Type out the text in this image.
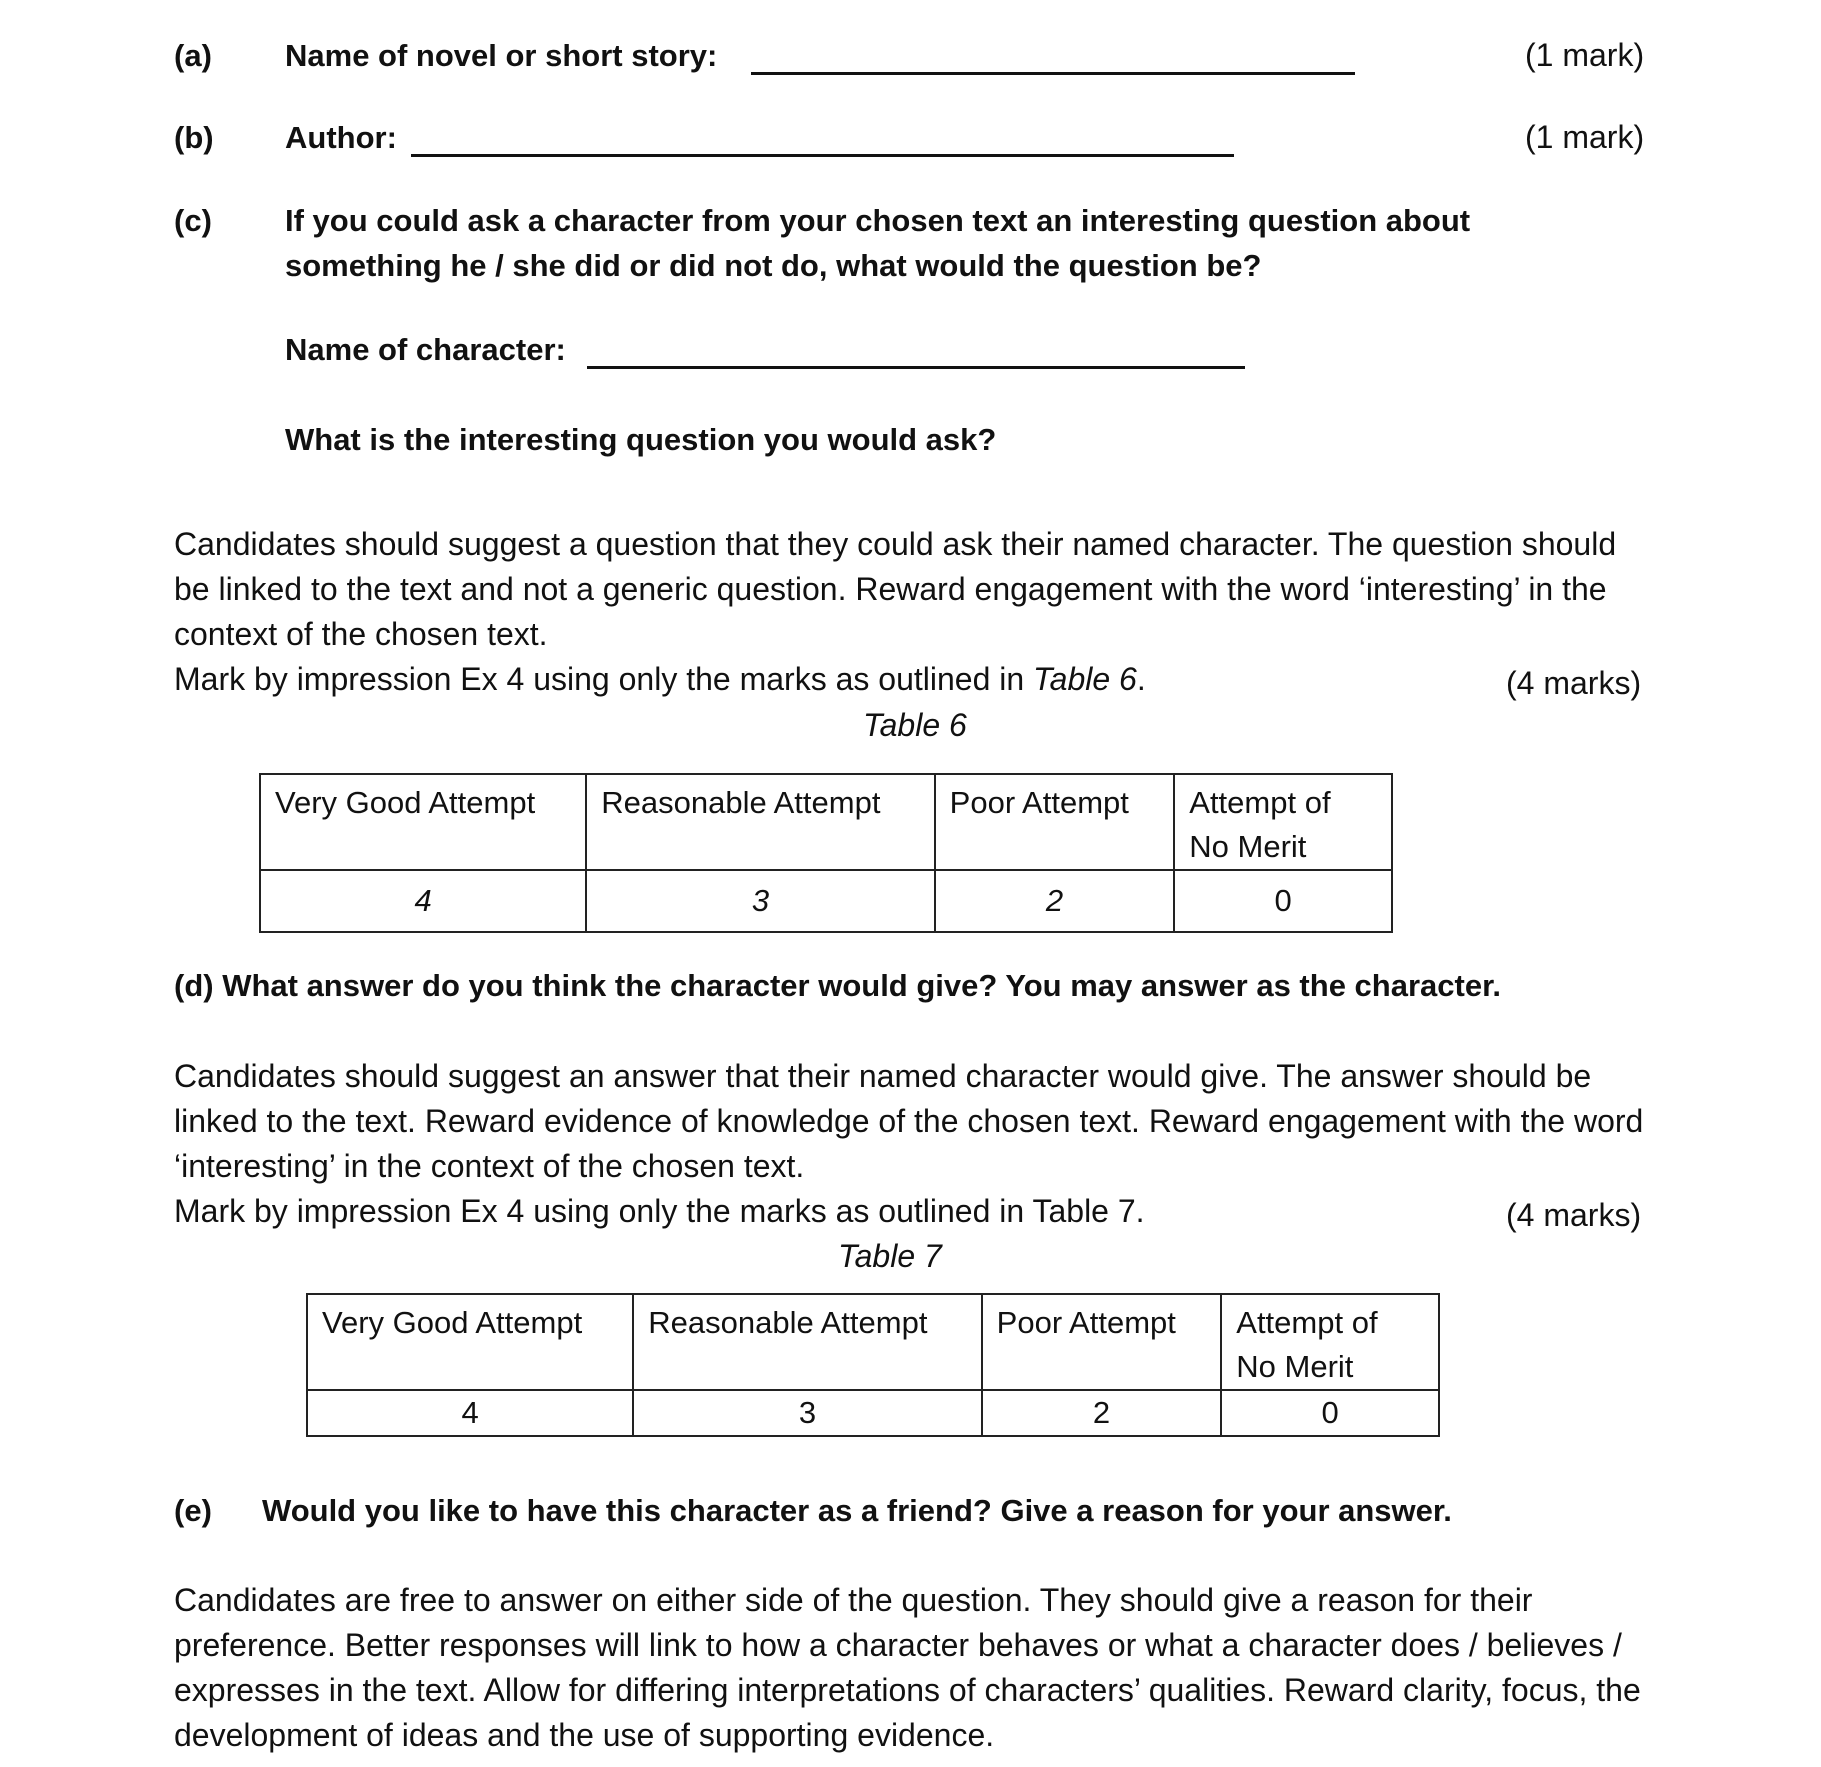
(a) Name of novel or short story:	(1 mark)
(b) Author:	(1 mark)
(c) If you could ask a character from your chosen text an interesting question about
something he / she did or did not do, what would the question be?
Name of character:
What is the interesting question you would ask?
Candidates should suggest a question that they could ask their named character. The question should be linked to the text and not a generic question. Reward engagement with the word ‘interesting’ in the context of the chosen text.
Mark by impression Ex 4 using only the marks as outlined in Table 6.	(4 marks)
Table 6
Very Good Attempt	Reasonable Attempt	Poor Attempt	Attempt of No Merit
4	3	2	0
(d) What answer do you think the character would give? You may answer as the character.
Candidates should suggest an answer that their named character would give. The answer should be linked to the text. Reward evidence of knowledge of the chosen text. Reward engagement with the word ‘interesting’ in the context of the chosen text.
Mark by impression Ex 4 using only the marks as outlined in Table 7.	(4 marks)
Table 7
Very Good Attempt	Reasonable Attempt	Poor Attempt	Attempt of No Merit
4	3	2	0
(e) Would you like to have this character as a friend? Give a reason for your answer.
Candidates are free to answer on either side of the question. They should give a reason for their preference. Better responses will link to how a character behaves or what a character does / believes / expresses in the text. Allow for differing interpretations of characters’ qualities. Reward clarity, focus, the development of ideas and the use of supporting evidence.
